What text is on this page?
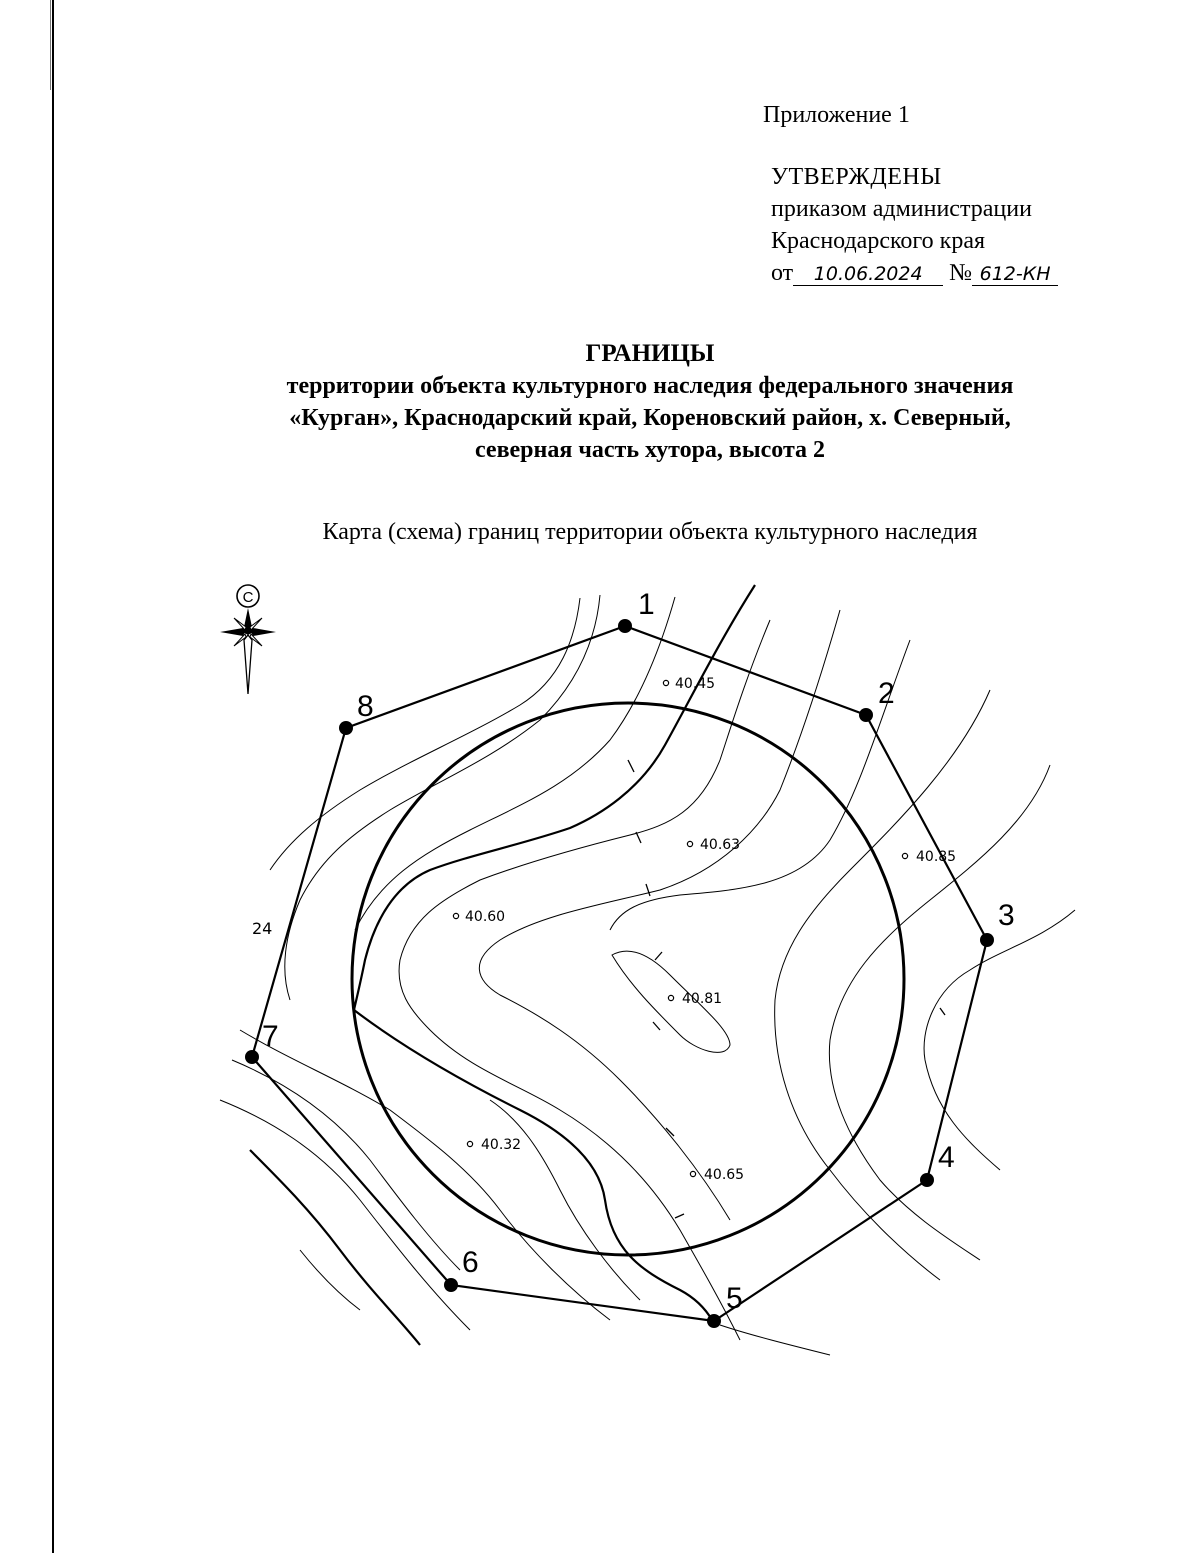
Приложение 1
УТВЕРЖДЕНЫ
приказом администрации
Краснодарского края
от 10.06.2024 № 612-КН
ГРАНИЦЫ
территории объекта культурного наследия федерального значения
«Курган», Краснодарский край, Кореновский район, х. Северный,
северная часть хутора, высота 2
Карта (схема) границ территории объекта культурного наследия
1
2
3
4
5
6
7
8
40.45
40.63
40.85
40.60
40.81
40.32
40.65
24
С
